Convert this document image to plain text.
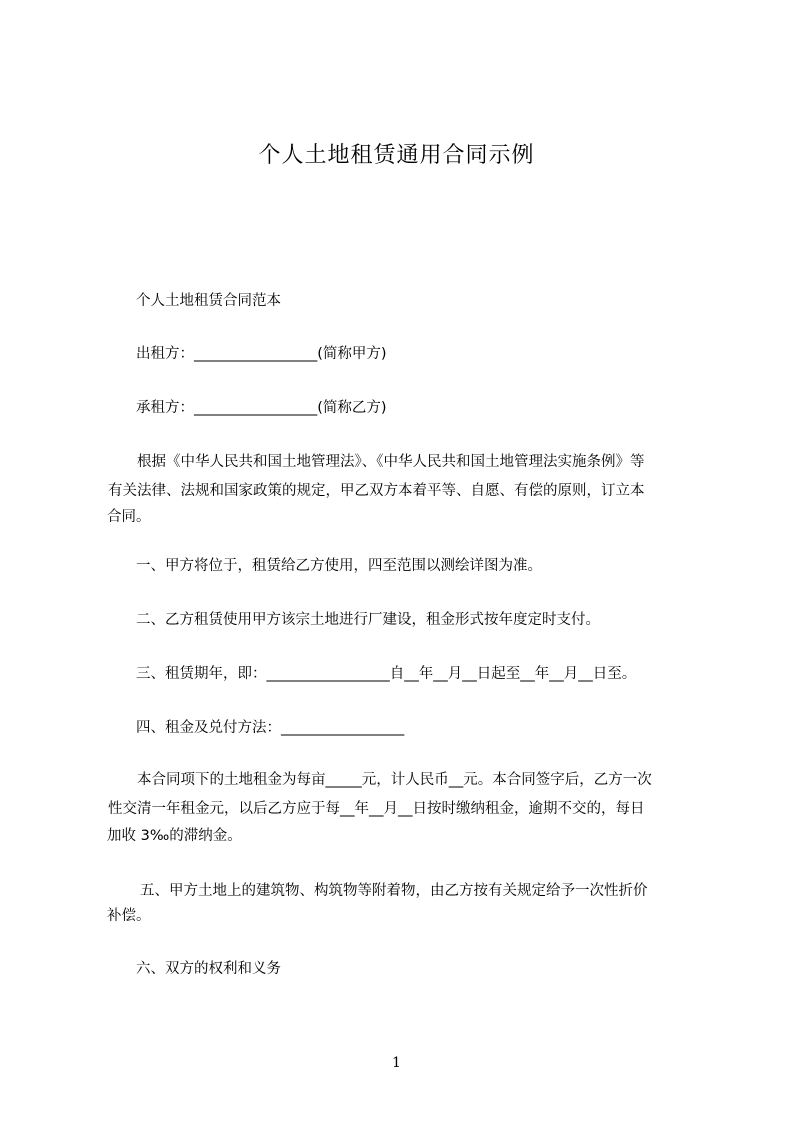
个人土地租赁通用合同示例
个人土地租赁合同范本
出租方：_________________(简称甲方)
承租方：_________________(简称乙方)
根据《中华人民共和国土地管理法》、《中华人民共和国土地管理法实施条例》等
有关法律、法规和国家政策的规定，甲乙双方本着平等、自愿、有偿的原则，订立本
合同。
一、甲方将位于，租赁给乙方使用，四至范围以测绘详图为准。
二、乙方租赁使用甲方该宗土地进行厂建设，租金形式按年度定时支付。
三、租赁期年，即：_________________自__年__月__日起至__年__月__日至。
四、租金及兑付方法：_________________
本合同项下的土地租金为每亩_____元，计人民币__元。本合同签字后，乙方一次
性交清一年租金元，以后乙方应于每__年__月__日按时缴纳租金，逾期不交的，每日
加收 3‰的滞纳金。
五、甲方土地上的建筑物、构筑物等附着物，由乙方按有关规定给予一次性折价
补偿。
六、双方的权利和义务
1
